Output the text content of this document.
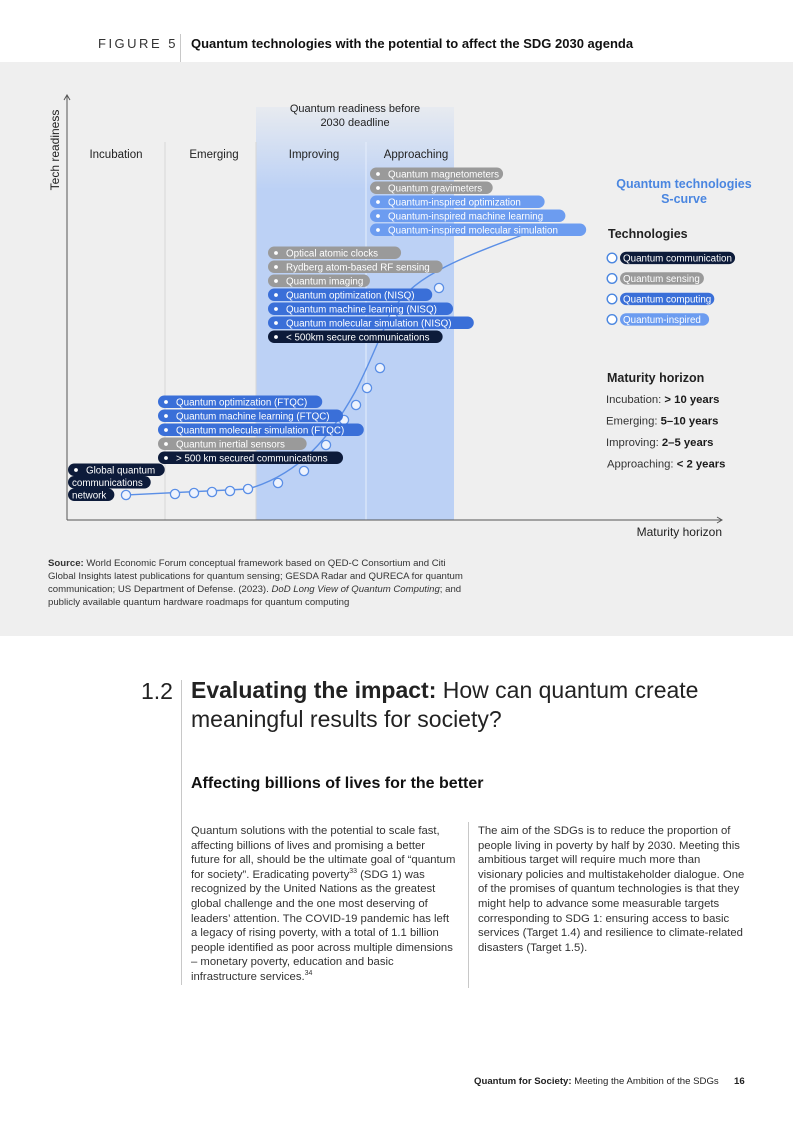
FIGURE 5 Quantum technologies with the potential to affect the SDG 2030 agenda
Quantum readiness before
2030 deadline
Incubation	Emerging	Improving	Approaching
Tech readiness
Maturity horizon
Quantum technologies
S-curve
Quantum magnetometers
Quantum gravimeters
Quantum-inspired optimization
Quantum-inspired machine learning
Quantum-inspired molecular simulation
Optical atomic clocks
Rydberg atom-based RF sensing
Quantum imaging
Quantum optimization (NISQ)
Quantum machine learning (NISQ)
Quantum molecular simulation (NISQ)
< 500km secure communications
Quantum optimization (FTQC)
Quantum machine learning (FTQC)
Quantum molecular simulation (FTQC)
Quantum inertial sensors
> 500 km secured communications
Global quantum
communications
network
Technologies
Quantum communication
Quantum sensing
Quantum computing
Quantum-inspired
Maturity horizon
Incubation: > 10 years
Emerging: 5–10 years
Improving: 2–5 years
Approaching: < 2 years
Source: World Economic Forum conceptual framework based on QED-C Consortium and Citi Global Insights latest publications for quantum sensing; GESDA Radar and QURECA for quantum communication; US Department of Defense. (2023). DoD Long View of Quantum Computing; and publicly available quantum hardware roadmaps for quantum computing
1.2 Evaluating the impact: How can quantum create meaningful results for society?
Affecting billions of lives for the better
Quantum solutions with the potential to scale fast, affecting billions of lives and promising a better future for all, should be the ultimate goal of “quantum for society”. Eradicating poverty$^{33}$ (SDG 1) was recognized by the United Nations as the greatest global challenge and the one most deserving of leaders’ attention. The COVID-19 pandemic has left a legacy of rising poverty, with a total of 1.1 billion people identified as poor across multiple dimensions – monetary poverty, education and basic infrastructure services.$^{34}$
The aim of the SDGs is to reduce the proportion of people living in poverty by half by 2030. Meeting this ambitious target will require much more than visionary policies and multistakeholder dialogue. One of the promises of quantum technologies is that they might help to advance some measurable targets corresponding to SDG 1: ensuring access to basic services (Target 1.4) and resilience to climate-related disasters (Target 1.5).
Quantum for Society: Meeting the Ambition of the SDGs 16
